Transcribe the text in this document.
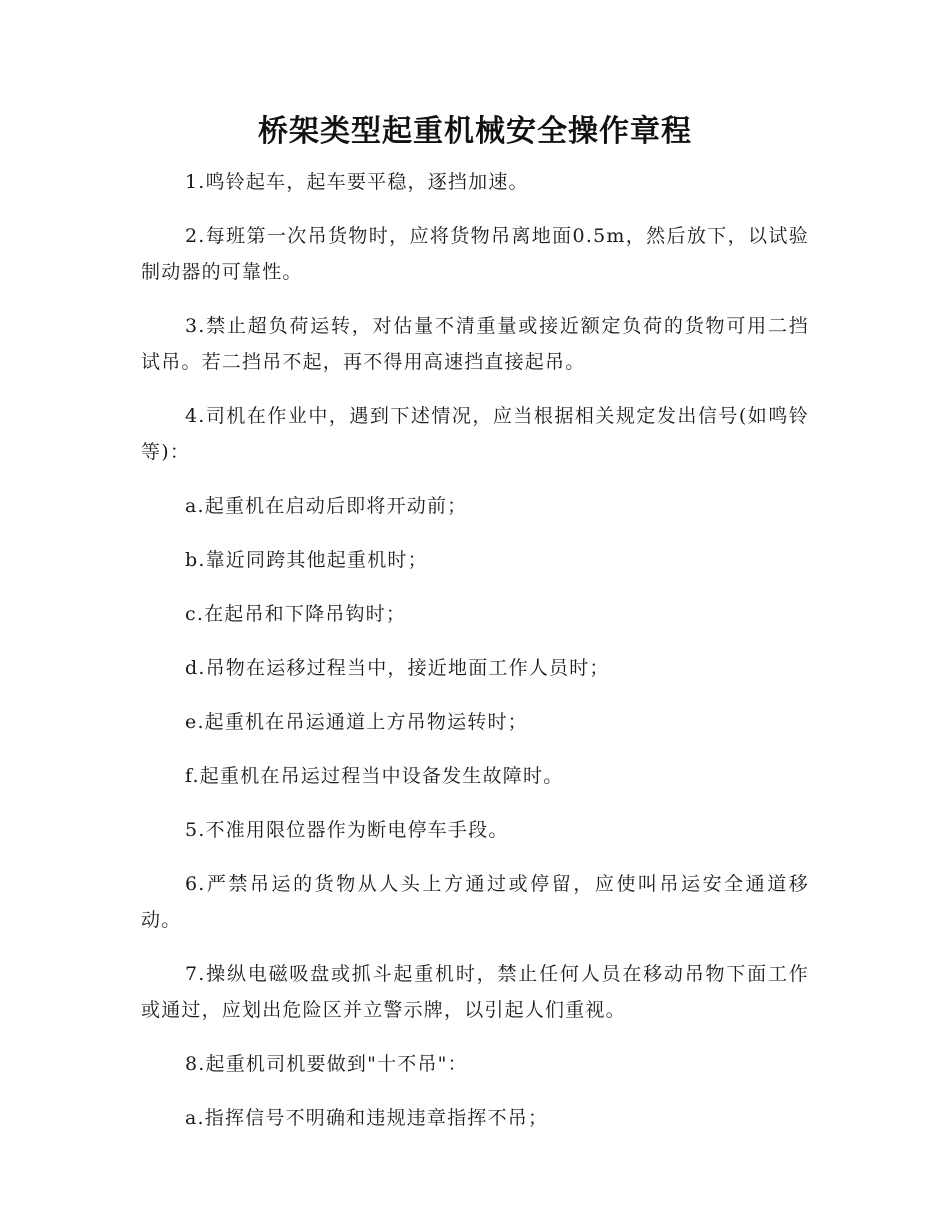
桥架类型起重机械安全操作章程

1.鸣铃起车，起车要平稳，逐挡加速。

2.每班第一次吊货物时，应将货物吊离地面0.5m，然后放下，以试验制动器的可靠性。

3.禁止超负荷运转，对估量不清重量或接近额定负荷的货物可用二挡试吊。若二挡吊不起，再不得用高速挡直接起吊。

4.司机在作业中，遇到下述情况，应当根据相关规定发出信号(如鸣铃等)：

a.起重机在启动后即将开动前；

b.靠近同跨其他起重机时；

c.在起吊和下降吊钩时；

d.吊物在运移过程当中，接近地面工作人员时；

e.起重机在吊运通道上方吊物运转时；

f.起重机在吊运过程当中设备发生故障时。

5.不准用限位器作为断电停车手段。

6.严禁吊运的货物从人头上方通过或停留，应使叫吊运安全通道移动。

7.操纵电磁吸盘或抓斗起重机时，禁止任何人员在移动吊物下面工作或通过，应划出危险区并立警示牌，以引起人们重视。

8.起重机司机要做到"十不吊"：

a.指挥信号不明确和违规违章指挥不吊；
